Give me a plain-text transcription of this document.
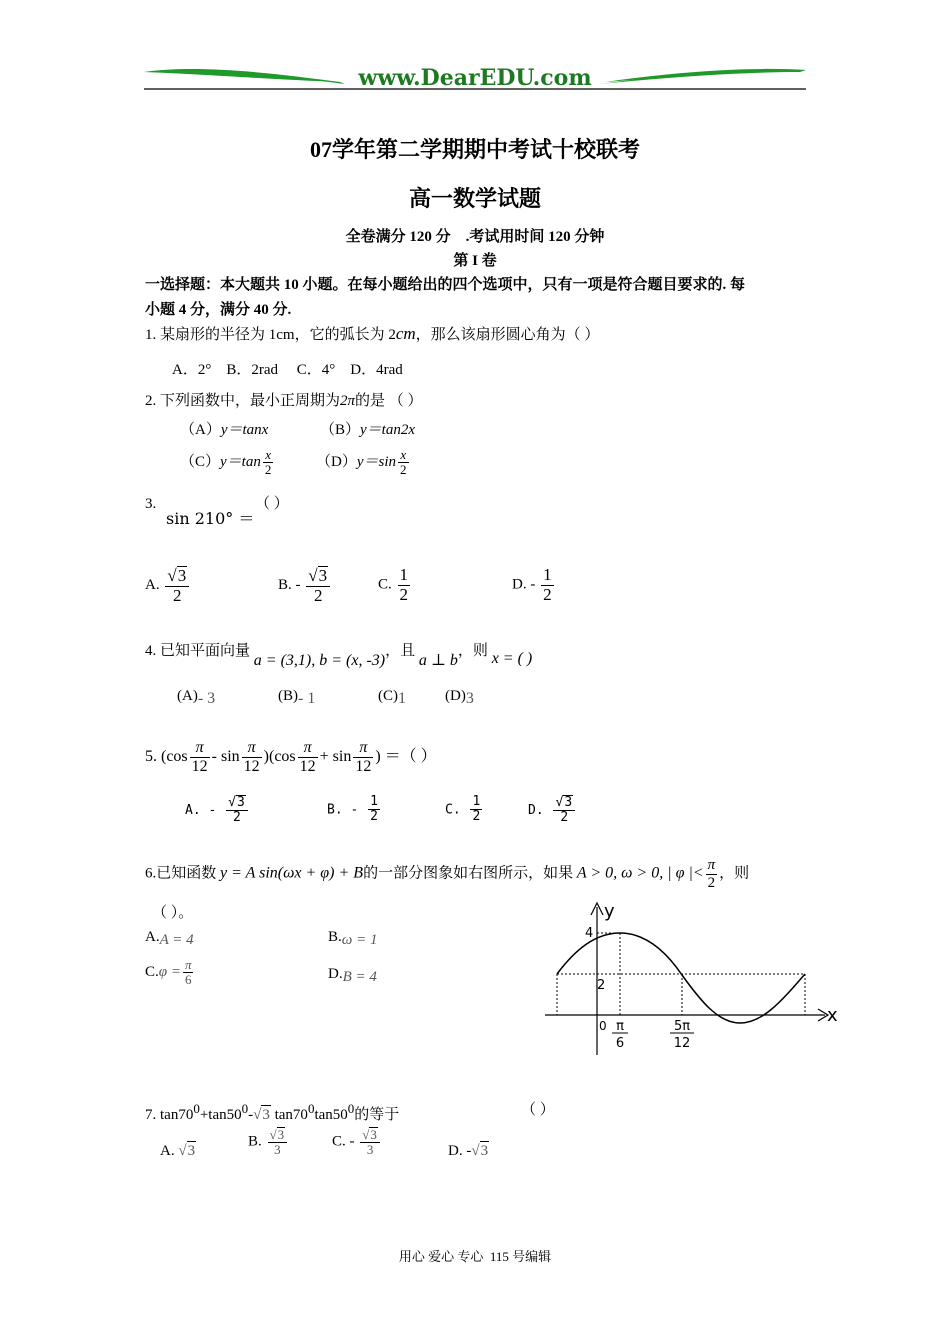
www.DearEDU.com
07学年第二学期期中考试十校联考
高一数学试题
全卷满分 120 分    .考试用时间 120 分钟
第 I 卷
一选择题：本大题共 10 小题。在每小题给出的四个选项中，只有一项是符合题目要求的. 每
小题 4 分，满分 40 分.
1. 某扇形的半径为 1cm，它的弧长为 2cm，那么该扇形圆心角为（ ）
A．2°    B．2rad     C．4°    D．4rad
2. 下列函数中，最小正周期为2π的是 （ ）
（A）y＝tanx	（B）y＝tan2x
$(C)y=\tan \frac{x}{2}$	$(D)y=\sin \frac{x}{2}$
3.
sin 210° ＝
（ ）
A. $\frac{√3}{2}$	B. - $\frac{√3}{2}$	C. $\frac{1}{2}$	D. - $\frac{1}{2}$
4. 已知平面向量 a = (3,1), b = (x, -3)，且 a ⊥ b，则 x = ( )
(A)- 3	(B)- 1	(C)1	(D)3
5. $(\cos \frac{\pi}{12} - \sin \frac{\pi}{12} )(\cos \frac{\pi}{12} + \sin \frac{\pi}{12}$ ) ＝（ ）
A. - $\frac{√3}{2}$	B. - $\frac{1}{2}$	C. $\frac{1}{2}$	D. $\frac{√3}{2}$
6.已知函数 y = A sin(ωx + φ) + B的一部分图象如右图所示，如果 A > 0, ω > 0, | φ |< $\frac{\pi}{2}$ ，则
（ ）。
A.A = 4	B.ω = 1
$C.\varphi = \frac{\pi}{6}$	D.B = 4
y
x
4
2
0 π
6
5π
12
7. $\tan 70^0+\tan 50^0-√3$ $\tan 70^0\tan 50^0$的等于	（ ）
A. √3
B. $\frac{√3}{3}$	C. - $\frac{√3}{3}$	D. -√3
用心 爱心 专心  115 号编辑
